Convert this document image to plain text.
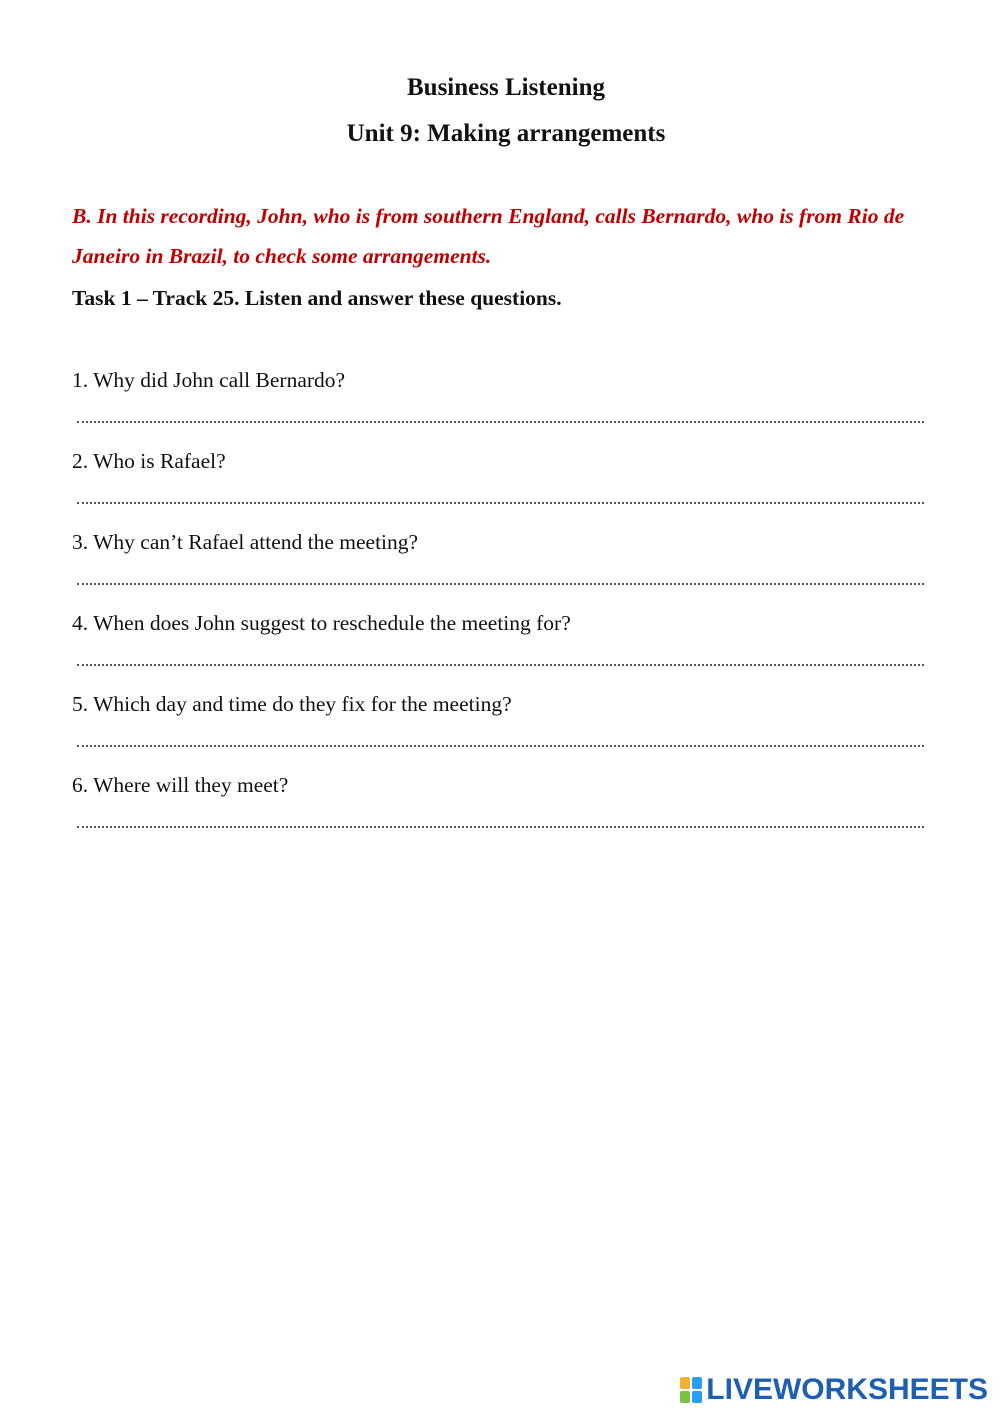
Business Listening
Unit 9: Making arrangements
B. In this recording, John, who is from southern England, calls Bernardo, who is from Rio de Janeiro in Brazil, to check some arrangements.
Task 1 – Track 25. Listen and answer these questions.
1. Why did John call Bernardo?
2. Who is Rafael?
3. Why can’t Rafael attend the meeting?
4. When does John suggest to reschedule the meeting for?
5. Which day and time do they fix for the meeting?
6. Where will they meet?
LIVEWORKSHEETS
